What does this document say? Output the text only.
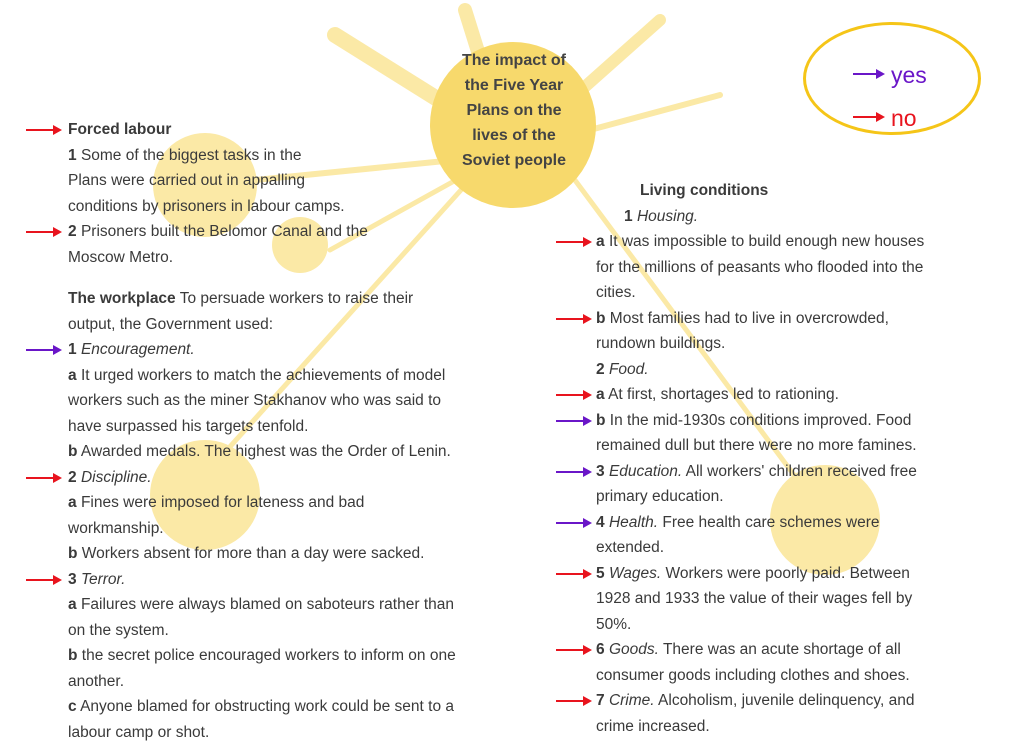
The impact of
the Five Year
Plans on the
lives of the
Soviet people
yes
no
Forced labour
1 Some of the biggest tasks in the
Plans were carried out in appalling
conditions by prisoners in labour camps.
2 Prisoners built the Belomor Canal and the
Moscow Metro.
The workplace To persuade workers to raise their
output, the Government used:
1 Encouragement.
a It urged workers to match the achievements of model
workers such as the miner Stakhanov who was said to
have surpassed his targets tenfold.
b Awarded medals. The highest was the Order of Lenin.
2 Discipline.
a Fines were imposed for lateness and bad
workmanship.
b Workers absent for more than a day were sacked.
3 Terror.
a Failures were always blamed on saboteurs rather than
on the system.
b the secret police encouraged workers to inform on one
another.
c Anyone blamed for obstructing work could be sent to a
labour camp or shot.
Living conditions
1 Housing.
a It was impossible to build enough new houses
for the millions of peasants who flooded into the
cities.
b Most families had to live in overcrowded,
rundown buildings.
2 Food.
a At first, shortages led to rationing.
b In the mid-1930s conditions improved. Food
remained dull but there were no more famines.
3 Education. All workers' children received free
primary education.
4 Health. Free health care schemes were
extended.
5 Wages. Workers were poorly paid. Between
1928 and 1933 the value of their wages fell by
50%.
6 Goods. There was an acute shortage of all
consumer goods including clothes and shoes.
7 Crime. Alcoholism, juvenile delinquency, and
crime increased.
